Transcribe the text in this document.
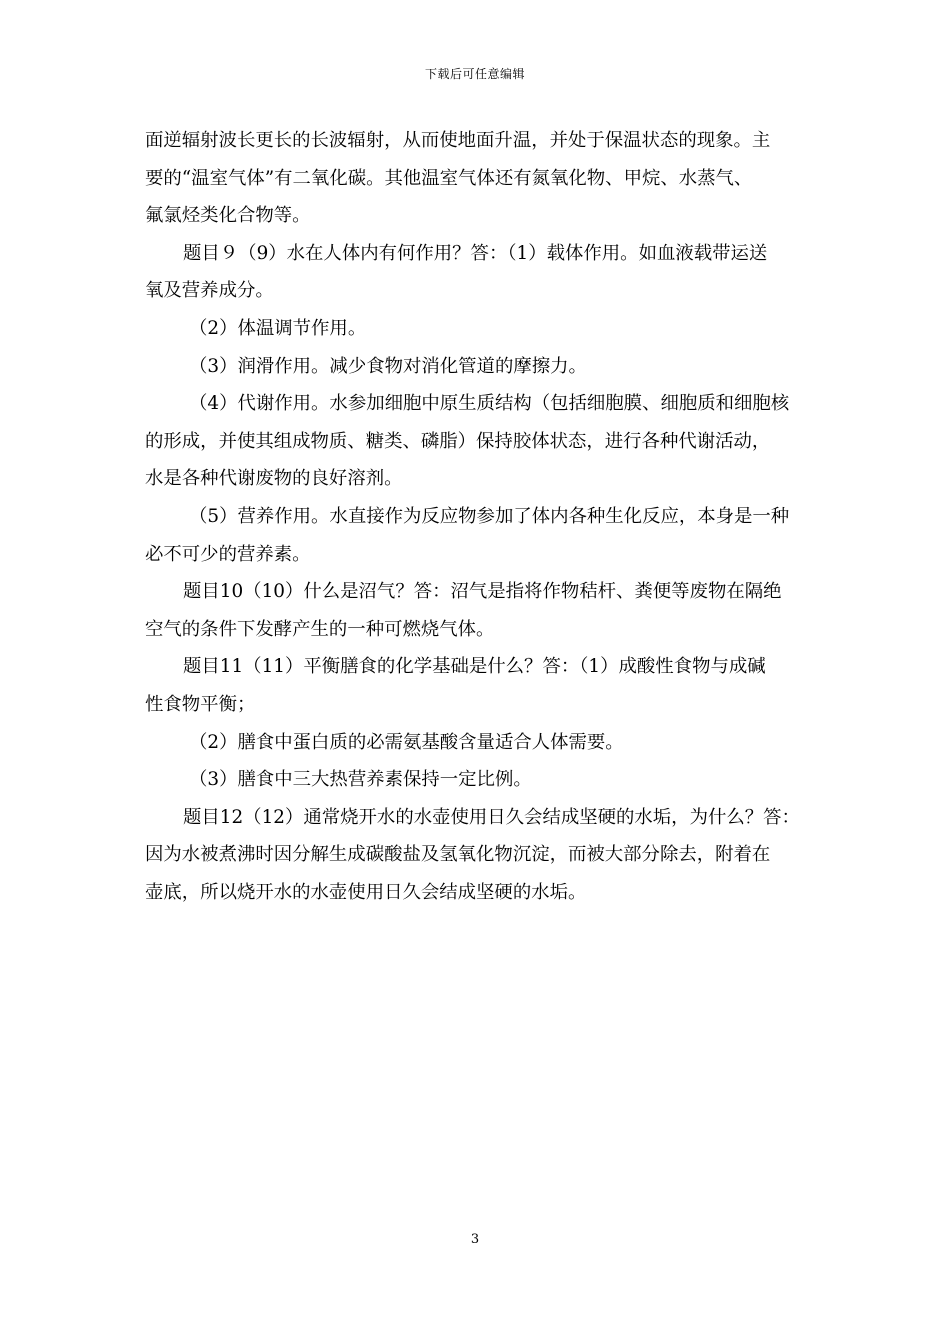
下载后可任意编辑
面逆辐射波长更长的长波辐射，从而使地面升温，并处于保温状态的现象。主
要的“温室气体”有二氧化碳。其他温室气体还有氮氧化物、甲烷、水蒸气、
氟氯烃类化合物等。
题目９（9）水在人体内有何作用？答：（1）载体作用。如血液载带运送
氧及营养成分。
（2）体温调节作用。
（3）润滑作用。减少食物对消化管道的摩擦力。
（4）代谢作用。水参加细胞中原生质结构（包括细胞膜、细胞质和细胞核
的形成，并使其组成物质、糖类、磷脂）保持胶体状态，进行各种代谢活动，
水是各种代谢废物的良好溶剂。
（5）营养作用。水直接作为反应物参加了体内各种生化反应，本身是一种
必不可少的营养素。
题目10（10）什么是沼气？答：沼气是指将作物秸杆、粪便等废物在隔绝
空气的条件下发酵产生的一种可燃烧气体。
题目11（11）平衡膳食的化学基础是什么？答：（1）成酸性食物与成碱
性食物平衡；
（2）膳食中蛋白质的必需氨基酸含量适合人体需要。
（3）膳食中三大热营养素保持一定比例。
题目12（12）通常烧开水的水壶使用日久会结成坚硬的水垢，为什么？答：
因为水被煮沸时因分解生成碳酸盐及氢氧化物沉淀，而被大部分除去，附着在
壶底，所以烧开水的水壶使用日久会结成坚硬的水垢。
3
